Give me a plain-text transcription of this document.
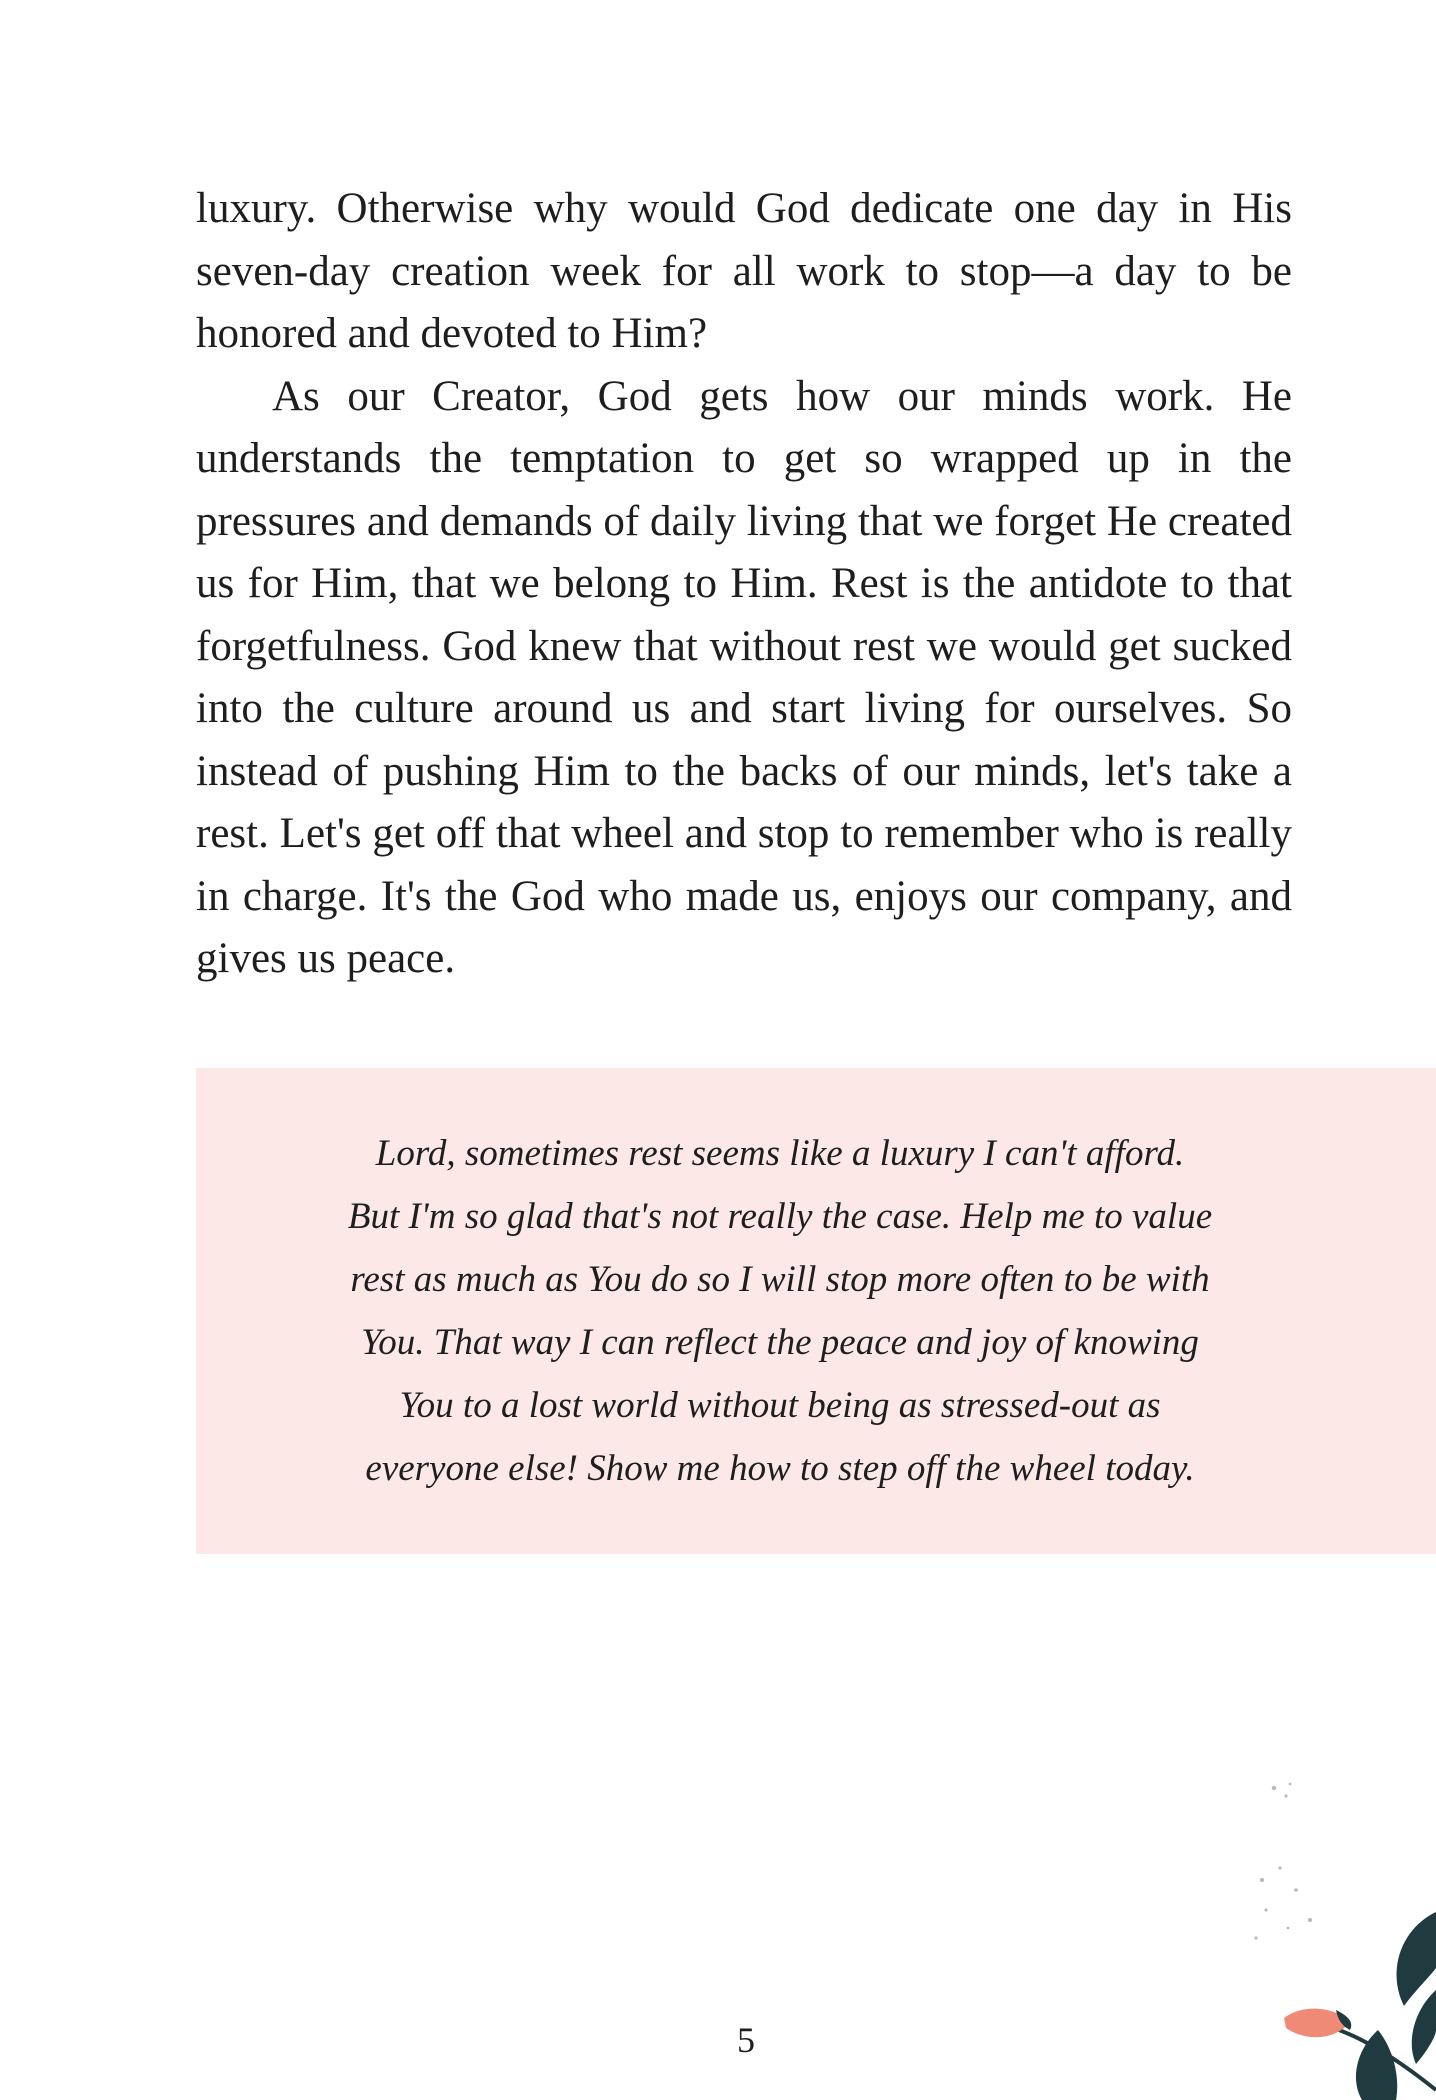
luxury. Otherwise why would God dedicate one day in His seven-day creation week for all work to stop—a day to be honored and devoted to Him?

As our Creator, God gets how our minds work. He understands the temptation to get so wrapped up in the pressures and demands of daily living that we forget He created us for Him, that we belong to Him. Rest is the antidote to that forgetfulness. God knew that without rest we would get sucked into the culture around us and start living for ourselves. So instead of pushing Him to the backs of our minds, let's take a rest. Let's get off that wheel and stop to remember who is really in charge. It's the God who made us, enjoys our company, and gives us peace.

Lord, sometimes rest seems like a luxury I can't afford.
But I'm so glad that's not really the case. Help me to value
rest as much as You do so I will stop more often to be with
You. That way I can reflect the peace and joy of knowing
You to a lost world without being as stressed-out as
everyone else! Show me how to step off the wheel today.
5
